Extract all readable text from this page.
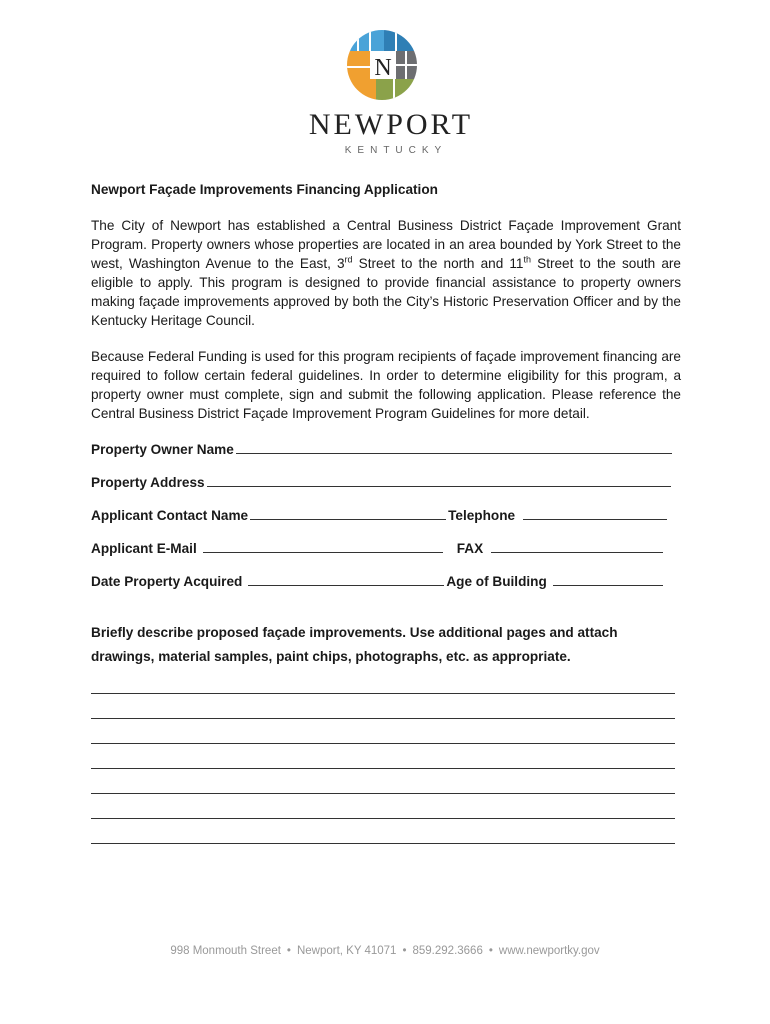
N
NEWPORT
KENTUCKY
Newport Façade Improvements Financing Application

The City of Newport has established a Central Business District Façade Improvement Grant Program. Property owners whose properties are located in an area bounded by York Street to the west, Washington Avenue to the East, 3rd Street to the north and 11th Street to the south are eligible to apply. This program is designed to provide financial assistance to property owners making façade improvements approved by both the City’s Historic Preservation Officer and by the Kentucky Heritage Council.

Because Federal Funding is used for this program recipients of façade improvement financing are required to follow certain federal guidelines. In order to determine eligibility for this program, a property owner must complete, sign and submit the following application. Please reference the Central Business District Façade Improvement Program Guidelines for more detail.

Property Owner Name
Property Address
Applicant Contact Name	Telephone
Applicant E-Mail	FAX
Date Property Acquired	Age of Building
Briefly describe proposed façade improvements. Use additional pages and attach
drawings, material samples, paint chips, photographs, etc. as appropriate.
998 Monmouth Street • Newport, KY 41071 • 859.292.3666 • www.newportky.gov
